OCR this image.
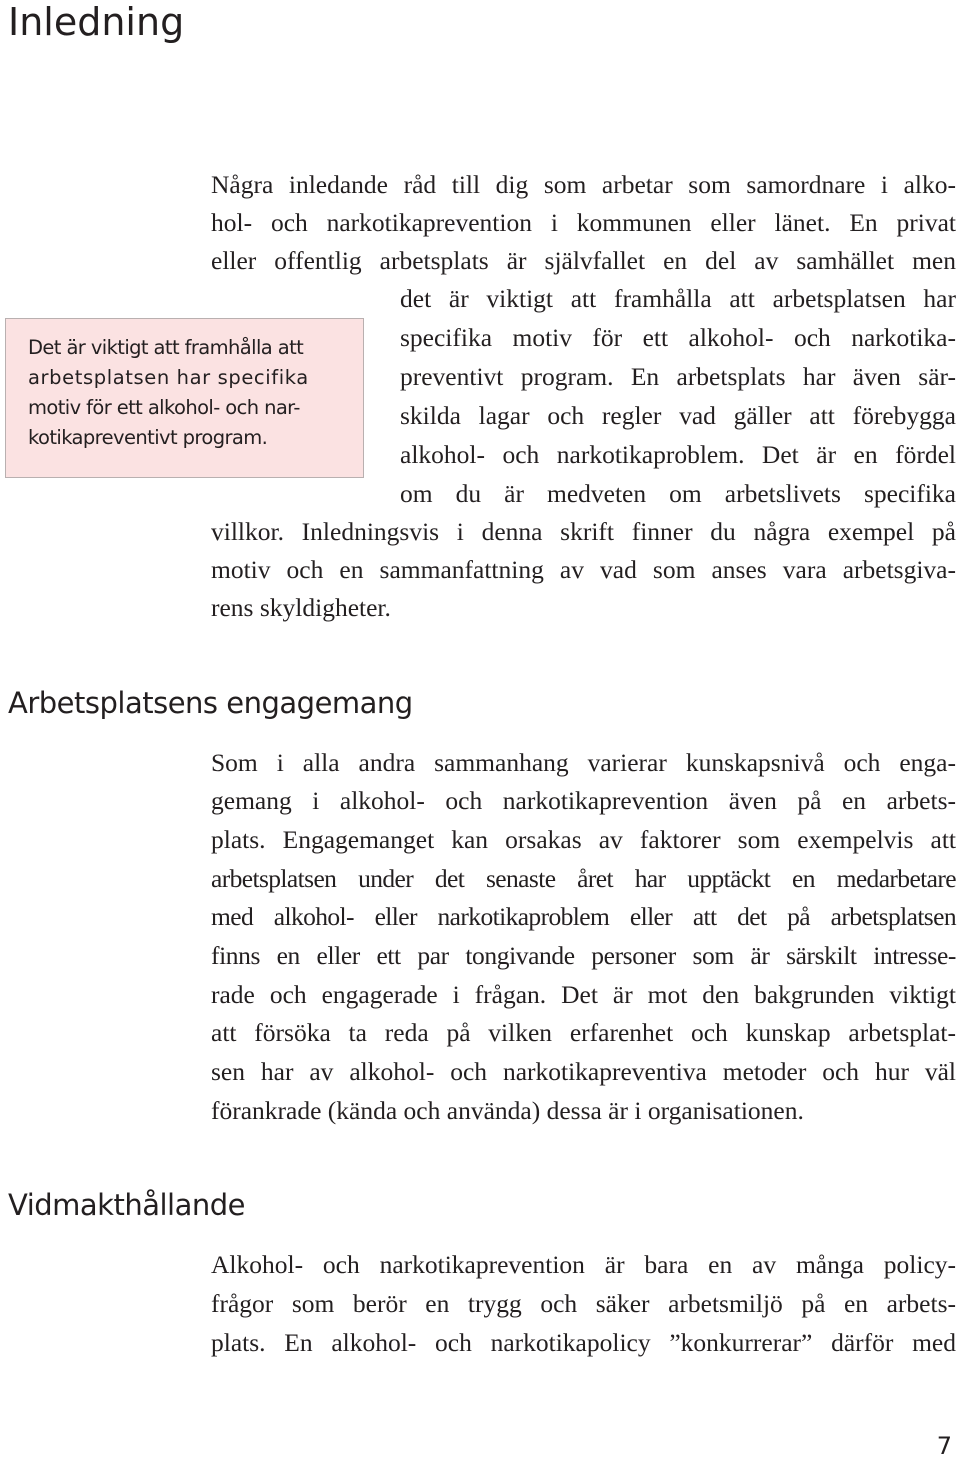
Inledning
Det är viktigt att framhålla att
arbetsplatsen har specifika
motiv för ett alkohol- och nar-
kotikapreventivt program.
Några inledande råd till dig som arbetar som samordnare i alko-
hol- och narkotikaprevention i kommunen eller länet. En privat
eller offentlig arbetsplats är självfallet en del av samhället men
det är viktigt att framhålla att arbetsplatsen har
specifika motiv för ett alkohol- och narkotika-
preventivt program. En arbetsplats har även sär-
skilda lagar och regler vad gäller att förebygga
alkohol- och narkotikaproblem. Det är en fördel
om du är medveten om arbetslivets specifika
villkor. Inledningsvis i denna skrift finner du några exempel på
motiv och en sammanfattning av vad som anses vara arbetsgiva-
rens skyldigheter.
Arbetsplatsens engagemang
Som i alla andra sammanhang varierar kunskapsnivå och enga-
gemang i alkohol- och narkotikaprevention även på en arbets-
plats. Engagemanget kan orsakas av faktorer som exempelvis att
arbetsplatsen under det senaste året har upptäckt en medarbetare
med alkohol- eller narkotikaproblem eller att det på arbetsplatsen
finns en eller ett par tongivande personer som är särskilt intresse-
rade och engagerade i frågan. Det är mot den bakgrunden viktigt
att försöka ta reda på vilken erfarenhet och kunskap arbetsplat-
sen har av alkohol- och narkotikapreventiva metoder och hur väl
förankrade (kända och använda) dessa är i organisationen.
Vidmakthållande
Alkohol- och narkotikaprevention är bara en av många policy-
frågor som berör en trygg och säker arbetsmiljö på en arbets-
plats. En alkohol- och narkotikapolicy ”konkurrerar” därför med
7
